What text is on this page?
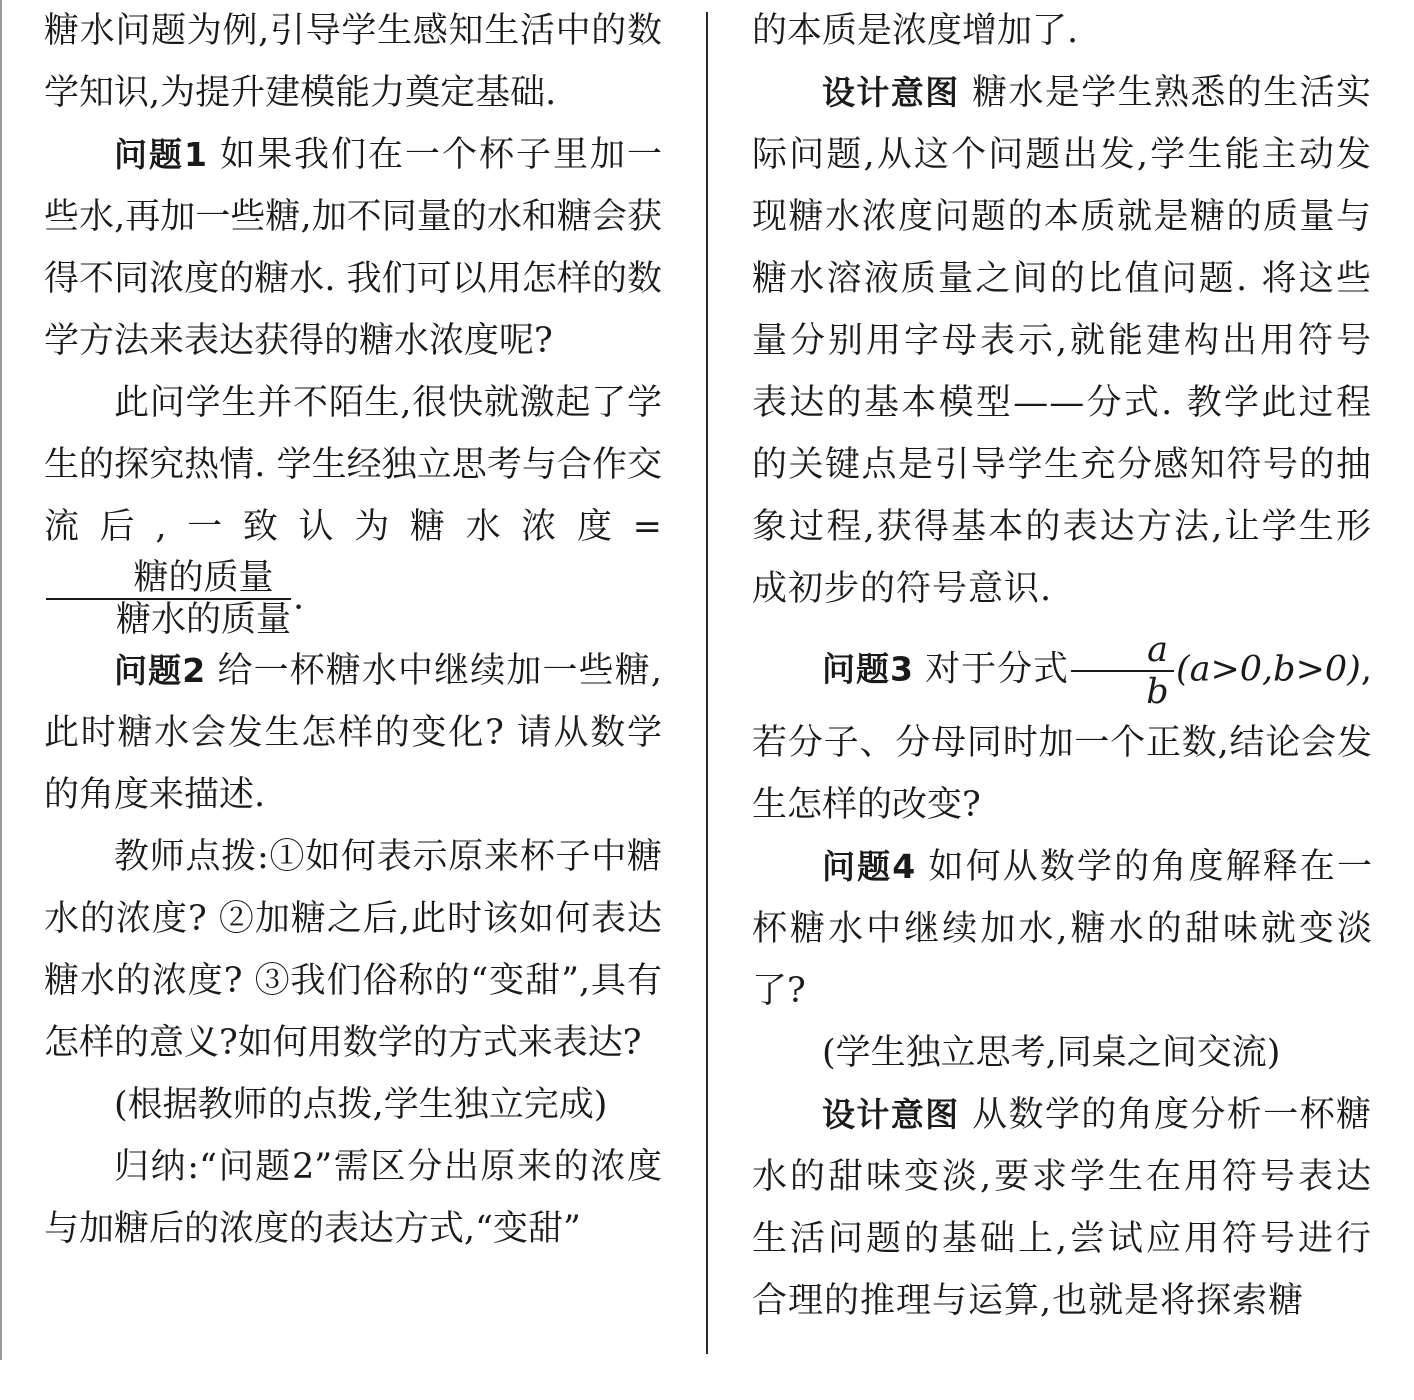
糖水问题为例,引导学生感知生活中的数学知识,为提升建模能力奠定基础.

问题1 如果我们在一个杯子里加一些水,再加一些糖,加不同量的水和糖会获得不同浓度的糖水. 我们可以用怎样的数学方法来表达获得的糖水浓度呢?

此问学生并不陌生,很快就激起了学生的探究热情. 学生经独立思考与合作交流后,一致认为糖水浓度=
$\frac{\text{糖的质量}}{\text{糖水的质量}}$ .

问题2 给一杯糖水中继续加一些糖,此时糖水会发生怎样的变化? 请从数学的角度来描述.

教师点拨:①如何表示原来杯子中糖水的浓度? ②加糖之后,此时该如何表达糖水的浓度? ③我们俗称的“变甜”,具有怎样的意义?如何用数学的方式来表达?

(根据教师的点拨,学生独立完成)

归纳:“问题2”需区分出原来的浓度与加糖后的浓度的表达方式,“变甜”

的本质是浓度增加了.

设计意图 糖水是学生熟悉的生活实际问题,从这个问题出发,学生能主动发现糖水浓度问题的本质就是糖的质量与糖水溶液质量之间的比值问题. 将这些量分别用字母表示,就能建构出用符号表达的基本模型——分式. 教学此过程的关键点是引导学生充分感知符号的抽象过程,获得基本的表达方法,让学生形成初步的符号意识.

问题3 对于分式 $\frac{a}{b} (a>0,b>0)$,若分子、分母同时加一个正数,结论会发生怎样的改变?

问题4 如何从数学的角度解释在一杯糖水中继续加水,糖水的甜味就变淡了?

(学生独立思考,同桌之间交流)

设计意图 从数学的角度分析一杯糖水的甜味变淡,要求学生在用符号表达生活问题的基础上,尝试应用符号进行合理的推理与运算,也就是将探索糖
